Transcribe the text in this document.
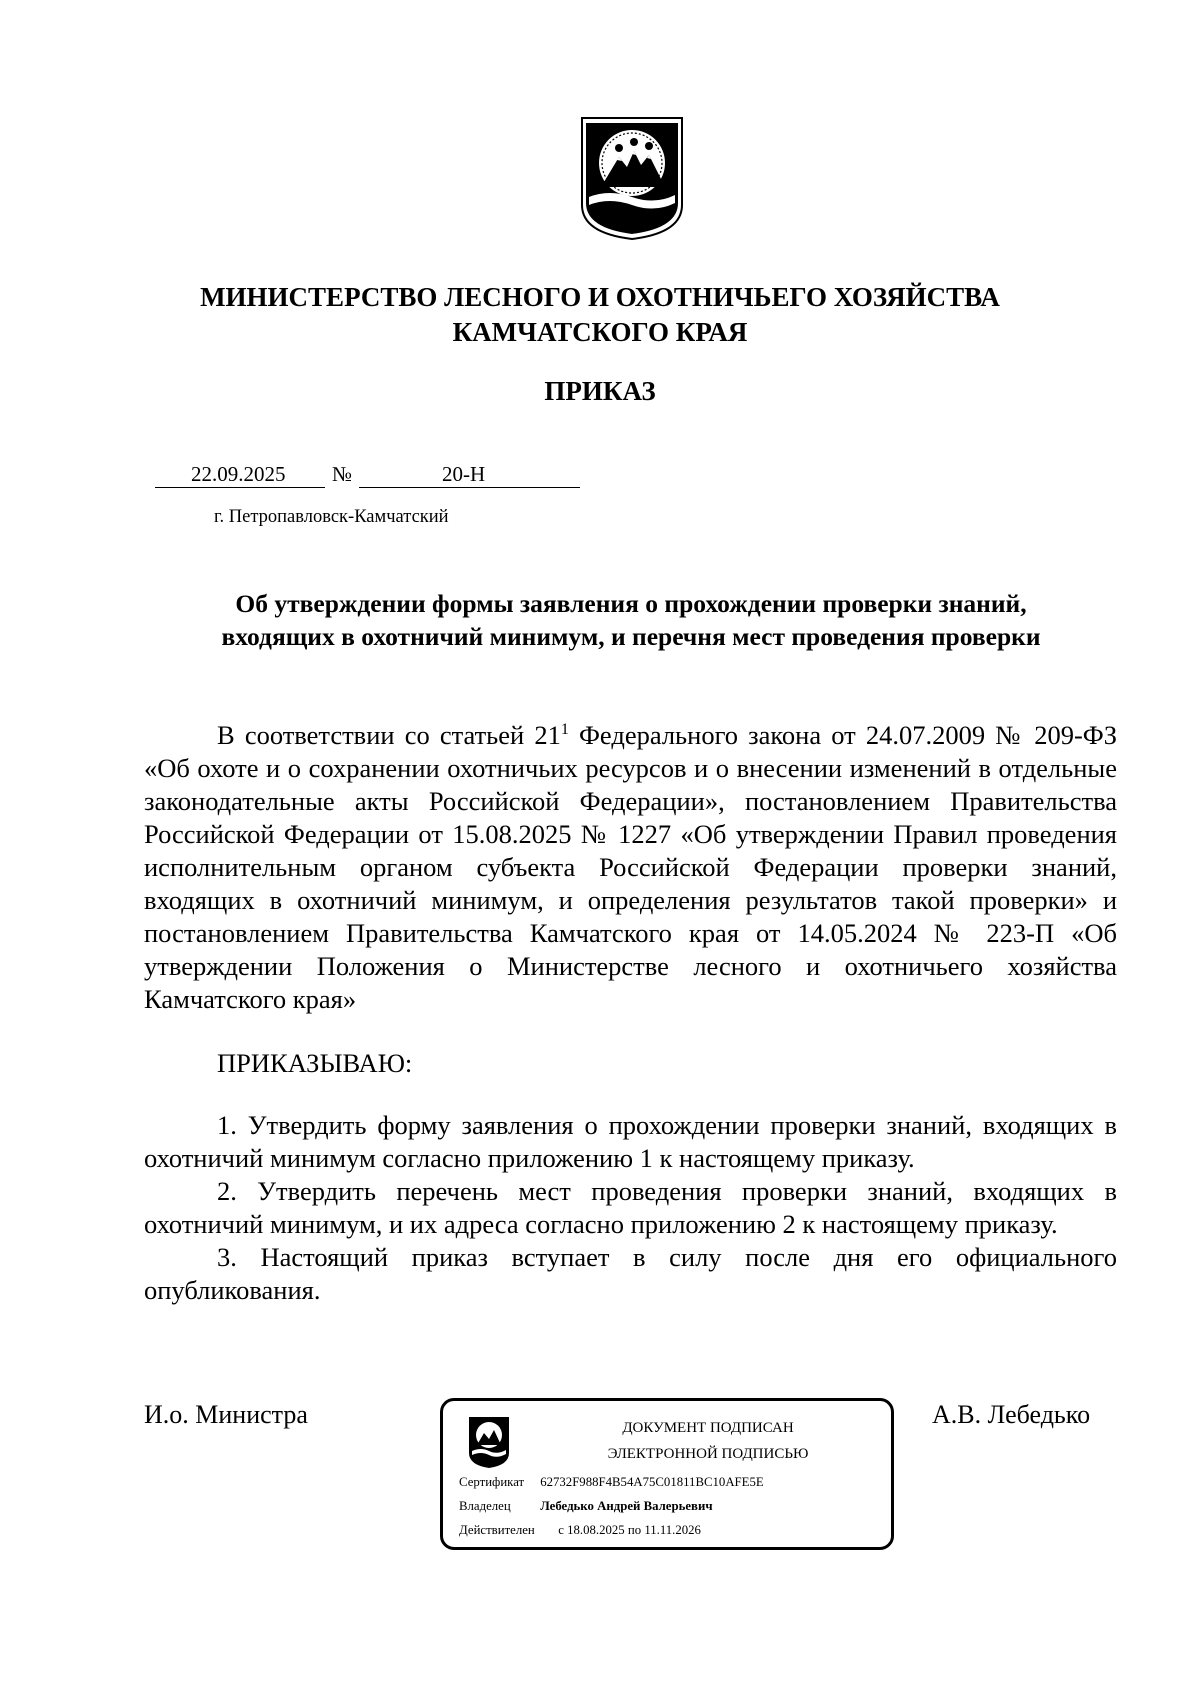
МИНИСТЕРСТВО ЛЕСНОГО И ОХОТНИЧЬЕГО ХОЗЯЙСТВА
КАМЧАТСКОГО КРАЯ
ПРИКАЗ
22.09.2025 №	20-Н
г. Петропавловск-Камчатский
Об утверждении формы заявления о прохождении проверки знаний,
входящих в охотничий минимум, и перечня мест проведения проверки

В соответствии со статьей $21^1$ Федерального закона от 24.07.2009 № 209-ФЗ «Об охоте и о сохранении охотничьих ресурсов и о внесении изменений в отдельные законодательные акты Российской Федерации», постановлением Правительства Российской Федерации от 15.08.2025 № 1227 «Об утверждении Правил проведения исполнительным органом субъекта Российской Федерации проверки знаний, входящих в охотничий минимум, и определения результатов такой проверки» и постановлением Правительства Камчатского края от 14.05.2024 № 223-П «Об утверждении Положения о Министерстве лесного и охотничьего хозяйства Камчатского края»

ПРИКАЗЫВАЮ:

1. Утвердить форму заявления о прохождении проверки знаний, входящих в охотничий минимум согласно приложению 1 к настоящему приказу.

2. Утвердить перечень мест проведения проверки знаний, входящих в охотничий минимум, и их адреса согласно приложению 2 к настоящему приказу.

3. Настоящий приказ вступает в силу после дня его официального опубликования.

И.о. Министра	А.В. Лебедько
ДОКУМЕНТ ПОДПИСАН
ЭЛЕКТРОННОЙ ПОДПИСЬЮ
Сертификат 62732F988F4B54A75C01811BC10AFE5E
Владелец Лебедько Андрей Валерьевич
Действителен с 18.08.2025 по 11.11.2026
